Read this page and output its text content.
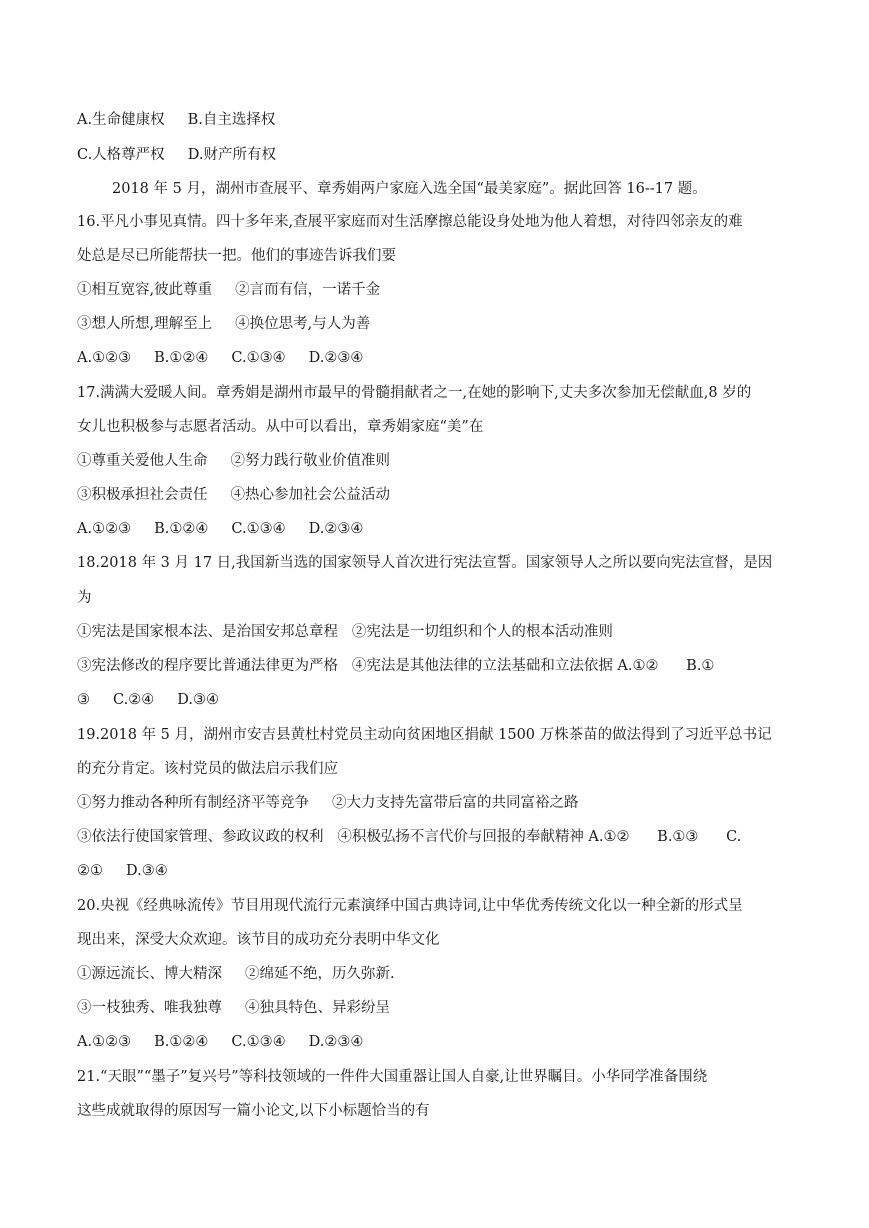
A.生命健康权     B.自主选择权
C.人格尊严权     D.财产所有权
2018 年 5 月，湖州市查展平、章秀娟两户家庭入选全国“最美家庭”。据此回答 16--17 题。
16.平凡小事见真情。四十多年来,查展平家庭而对生活摩擦总能设身处地为他人着想，对待四邻亲友的难
处总是尽已所能帮扶一把。他们的事迹告诉我们要
①相互宽容,彼此尊重     ②言而有信，一诺千金
③想人所想,理解至上     ④换位思考,与人为善
A.①②③     B.①②④     C.①③④     D.②③④
17.满满大爱暖人间。章秀娟是湖州市最早的骨髓捐献者之一,在她的影响下,丈夫多次参加无偿献血,8 岁的
女儿也积极参与志愿者活动。从中可以看出，章秀娟家庭“美”在
①尊重关爱他人生命     ②努力践行敬业价值准则
③积极承担社会责任     ④热心参加社会公益活动
A.①②③     B.①②④     C.①③④     D.②③④
18.2018 年 3 月 17 日,我国新当选的国家领导人首次进行宪法宣誓。国家领导人之所以要向宪法宣督，是因
为
①宪法是国家根本法、是治国安邦总章程   ②宪法是一切组织和个人的根本活动准则
③宪法修改的程序要比普通法律更为严格   ④宪法是其他法律的立法基础和立法依据 A.①②      B.①
③     C.②④     D.③④
19.2018 年 5 月，湖州市安吉县黄杜村党员主动向贫困地区捐献 1500 万株茶苗的做法得到了习近平总书记
的充分肯定。该村党员的做法启示我们应
①努力推动各种所有制经济平等竞争     ②大力支持先富带后富的共同富裕之路
③依法行使国家管理、参政议政的权利   ④积极弘扬不言代价与回报的奉献精神 A.①②      B.①③      C.
②①     D.③④
20.央视《经典咏流传》节目用现代流行元素演绎中国古典诗词,让中华优秀传统文化以一种全新的形式呈
现出来，深受大众欢迎。该节目的成功充分表明中华文化
①源远流长、博大精深     ②绵延不绝，历久弥新.
③一枝独秀、唯我独尊     ④独具特色、异彩纷呈
A.①②③     B.①②④     C.①③④     D.②③④
21.“天眼”“墨子”复兴号”等科技领域的一件件大国重器让国人自豪,让世界瞩目。小华同学准备围绕
这些成就取得的原因写一篇小论文,以下小标题恰当的有
